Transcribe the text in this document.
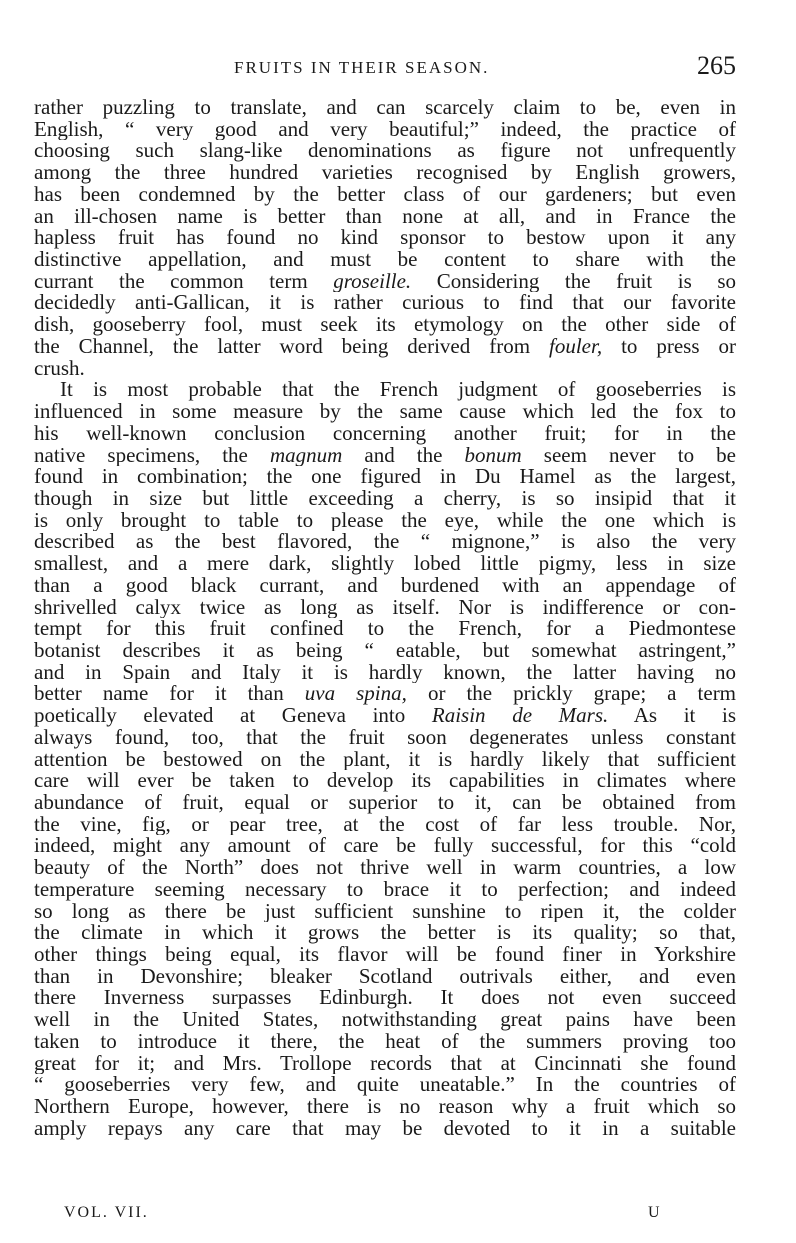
FRUITS IN THEIR SEASON.	265
rather puzzling to translate, and can scarcely claim to be, even in
English, “ very good and very beautiful;” indeed, the practice of
choosing such slang-like denominations as figure not unfrequently
among the three hundred varieties recognised by English growers,
has been condemned by the better class of our gardeners; but even
an ill-chosen name is better than none at all, and in France the
hapless fruit has found no kind sponsor to bestow upon it any
distinctive appellation, and must be content to share with the
currant the common term groseille. Considering the fruit is so
decidedly anti-Gallican, it is rather curious to find that our favorite
dish, gooseberry fool, must seek its etymology on the other side of
the Channel, the latter word being derived from fouler, to press or
crush.
It is most probable that the French judgment of gooseberries is
influenced in some measure by the same cause which led the fox to
his well-known conclusion concerning another fruit; for in the
native specimens, the magnum and the bonum seem never to be
found in combination; the one figured in Du Hamel as the largest,
though in size but little exceeding a cherry, is so insipid that it
is only brought to table to please the eye, while the one which is
described as the best flavored, the “ mignone,” is also the very
smallest, and a mere dark, slightly lobed little pigmy, less in size
than a good black currant, and burdened with an appendage of
shrivelled calyx twice as long as itself. Nor is indifference or con-
tempt for this fruit confined to the French, for a Piedmontese
botanist describes it as being “ eatable, but somewhat astringent,”
and in Spain and Italy it is hardly known, the latter having no
better name for it than uva spina, or the prickly grape; a term
poetically elevated at Geneva into Raisin de Mars. As it is
always found, too, that the fruit soon degenerates unless constant
attention be bestowed on the plant, it is hardly likely that sufficient
care will ever be taken to develop its capabilities in climates where
abundance of fruit, equal or superior to it, can be obtained from
the vine, fig, or pear tree, at the cost of far less trouble. Nor,
indeed, might any amount of care be fully successful, for this “cold
beauty of the North” does not thrive well in warm countries, a low
temperature seeming necessary to brace it to perfection; and indeed
so long as there be just sufficient sunshine to ripen it, the colder
the climate in which it grows the better is its quality; so that,
other things being equal, its flavor will be found finer in Yorkshire
than in Devonshire; bleaker Scotland outrivals either, and even
there Inverness surpasses Edinburgh. It does not even succeed
well in the United States, notwithstanding great pains have been
taken to introduce it there, the heat of the summers proving too
great for it; and Mrs. Trollope records that at Cincinnati she found
“ gooseberries very few, and quite uneatable.” In the countries of
Northern Europe, however, there is no reason why a fruit which so
amply repays any care that may be devoted to it in a suitable
VOL. VII.	U
